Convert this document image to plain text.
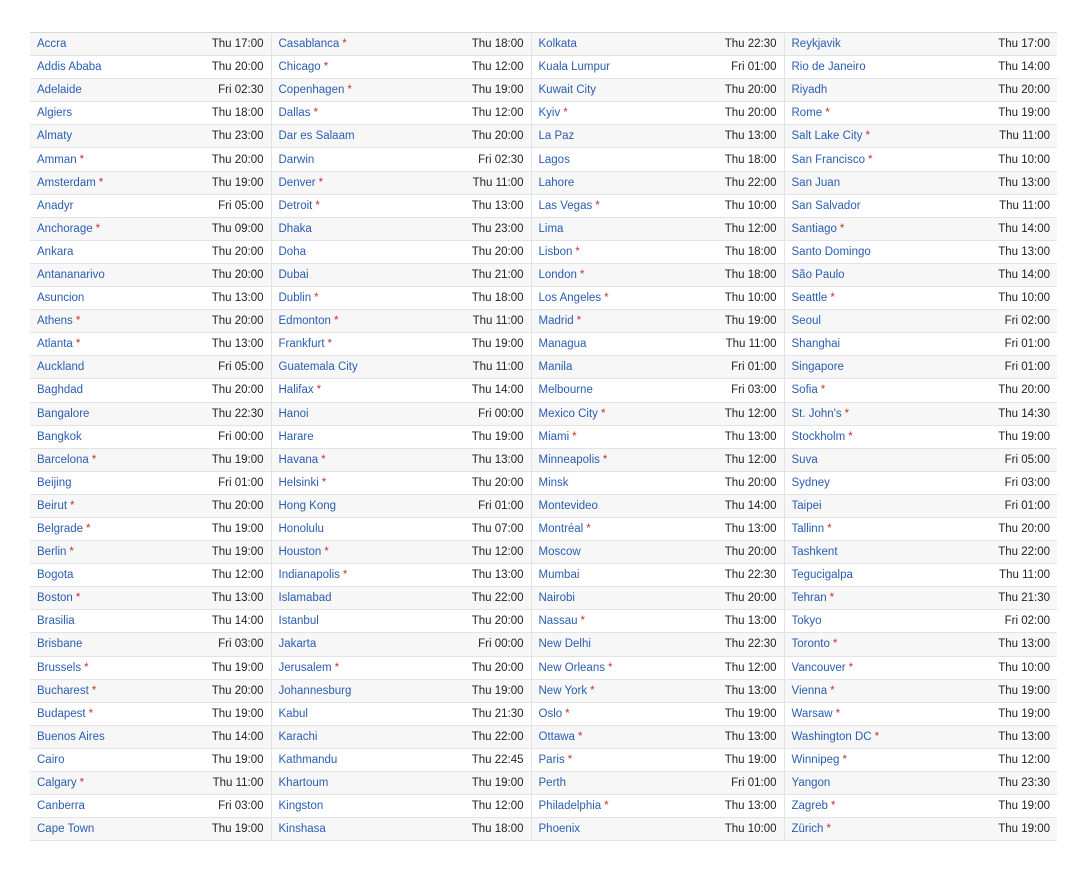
Accra	Thu 17:00	Casablanca *	Thu 18:00	Kolkata	Thu 22:30	Reykjavik	Thu 17:00
Addis Ababa	Thu 20:00	Chicago *	Thu 12:00	Kuala Lumpur	Fri 01:00	Rio de Janeiro	Thu 14:00
Adelaide	Fri 02:30	Copenhagen *	Thu 19:00	Kuwait City	Thu 20:00	Riyadh	Thu 20:00
Algiers	Thu 18:00	Dallas *	Thu 12:00	Kyiv *	Thu 20:00	Rome *	Thu 19:00
Almaty	Thu 23:00	Dar es Salaam	Thu 20:00	La Paz	Thu 13:00	Salt Lake City *	Thu 11:00
Amman *	Thu 20:00	Darwin	Fri 02:30	Lagos	Thu 18:00	San Francisco *	Thu 10:00
Amsterdam *	Thu 19:00	Denver *	Thu 11:00	Lahore	Thu 22:00	San Juan	Thu 13:00
Anadyr	Fri 05:00	Detroit *	Thu 13:00	Las Vegas *	Thu 10:00	San Salvador	Thu 11:00
Anchorage *	Thu 09:00	Dhaka	Thu 23:00	Lima	Thu 12:00	Santiago *	Thu 14:00
Ankara	Thu 20:00	Doha	Thu 20:00	Lisbon *	Thu 18:00	Santo Domingo	Thu 13:00
Antananarivo	Thu 20:00	Dubai	Thu 21:00	London *	Thu 18:00	São Paulo	Thu 14:00
Asuncion	Thu 13:00	Dublin *	Thu 18:00	Los Angeles *	Thu 10:00	Seattle *	Thu 10:00
Athens *	Thu 20:00	Edmonton *	Thu 11:00	Madrid *	Thu 19:00	Seoul	Fri 02:00
Atlanta *	Thu 13:00	Frankfurt *	Thu 19:00	Managua	Thu 11:00	Shanghai	Fri 01:00
Auckland	Fri 05:00	Guatemala City	Thu 11:00	Manila	Fri 01:00	Singapore	Fri 01:00
Baghdad	Thu 20:00	Halifax *	Thu 14:00	Melbourne	Fri 03:00	Sofia *	Thu 20:00
Bangalore	Thu 22:30	Hanoi	Fri 00:00	Mexico City *	Thu 12:00	St. John's *	Thu 14:30
Bangkok	Fri 00:00	Harare	Thu 19:00	Miami *	Thu 13:00	Stockholm *	Thu 19:00
Barcelona *	Thu 19:00	Havana *	Thu 13:00	Minneapolis *	Thu 12:00	Suva	Fri 05:00
Beijing	Fri 01:00	Helsinki *	Thu 20:00	Minsk	Thu 20:00	Sydney	Fri 03:00
Beirut *	Thu 20:00	Hong Kong	Fri 01:00	Montevideo	Thu 14:00	Taipei	Fri 01:00
Belgrade *	Thu 19:00	Honolulu	Thu 07:00	Montréal *	Thu 13:00	Tallinn *	Thu 20:00
Berlin *	Thu 19:00	Houston *	Thu 12:00	Moscow	Thu 20:00	Tashkent	Thu 22:00
Bogota	Thu 12:00	Indianapolis *	Thu 13:00	Mumbai	Thu 22:30	Tegucigalpa	Thu 11:00
Boston *	Thu 13:00	Islamabad	Thu 22:00	Nairobi	Thu 20:00	Tehran *	Thu 21:30
Brasilia	Thu 14:00	Istanbul	Thu 20:00	Nassau *	Thu 13:00	Tokyo	Fri 02:00
Brisbane	Fri 03:00	Jakarta	Fri 00:00	New Delhi	Thu 22:30	Toronto *	Thu 13:00
Brussels *	Thu 19:00	Jerusalem *	Thu 20:00	New Orleans *	Thu 12:00	Vancouver *	Thu 10:00
Bucharest *	Thu 20:00	Johannesburg	Thu 19:00	New York *	Thu 13:00	Vienna *	Thu 19:00
Budapest *	Thu 19:00	Kabul	Thu 21:30	Oslo *	Thu 19:00	Warsaw *	Thu 19:00
Buenos Aires	Thu 14:00	Karachi	Thu 22:00	Ottawa *	Thu 13:00	Washington DC *	Thu 13:00
Cairo	Thu 19:00	Kathmandu	Thu 22:45	Paris *	Thu 19:00	Winnipeg *	Thu 12:00
Calgary *	Thu 11:00	Khartoum	Thu 19:00	Perth	Fri 01:00	Yangon	Thu 23:30
Canberra	Fri 03:00	Kingston	Thu 12:00	Philadelphia *	Thu 13:00	Zagreb *	Thu 19:00
Cape Town	Thu 19:00	Kinshasa	Thu 18:00	Phoenix	Thu 10:00	Zürich *	Thu 19:00
